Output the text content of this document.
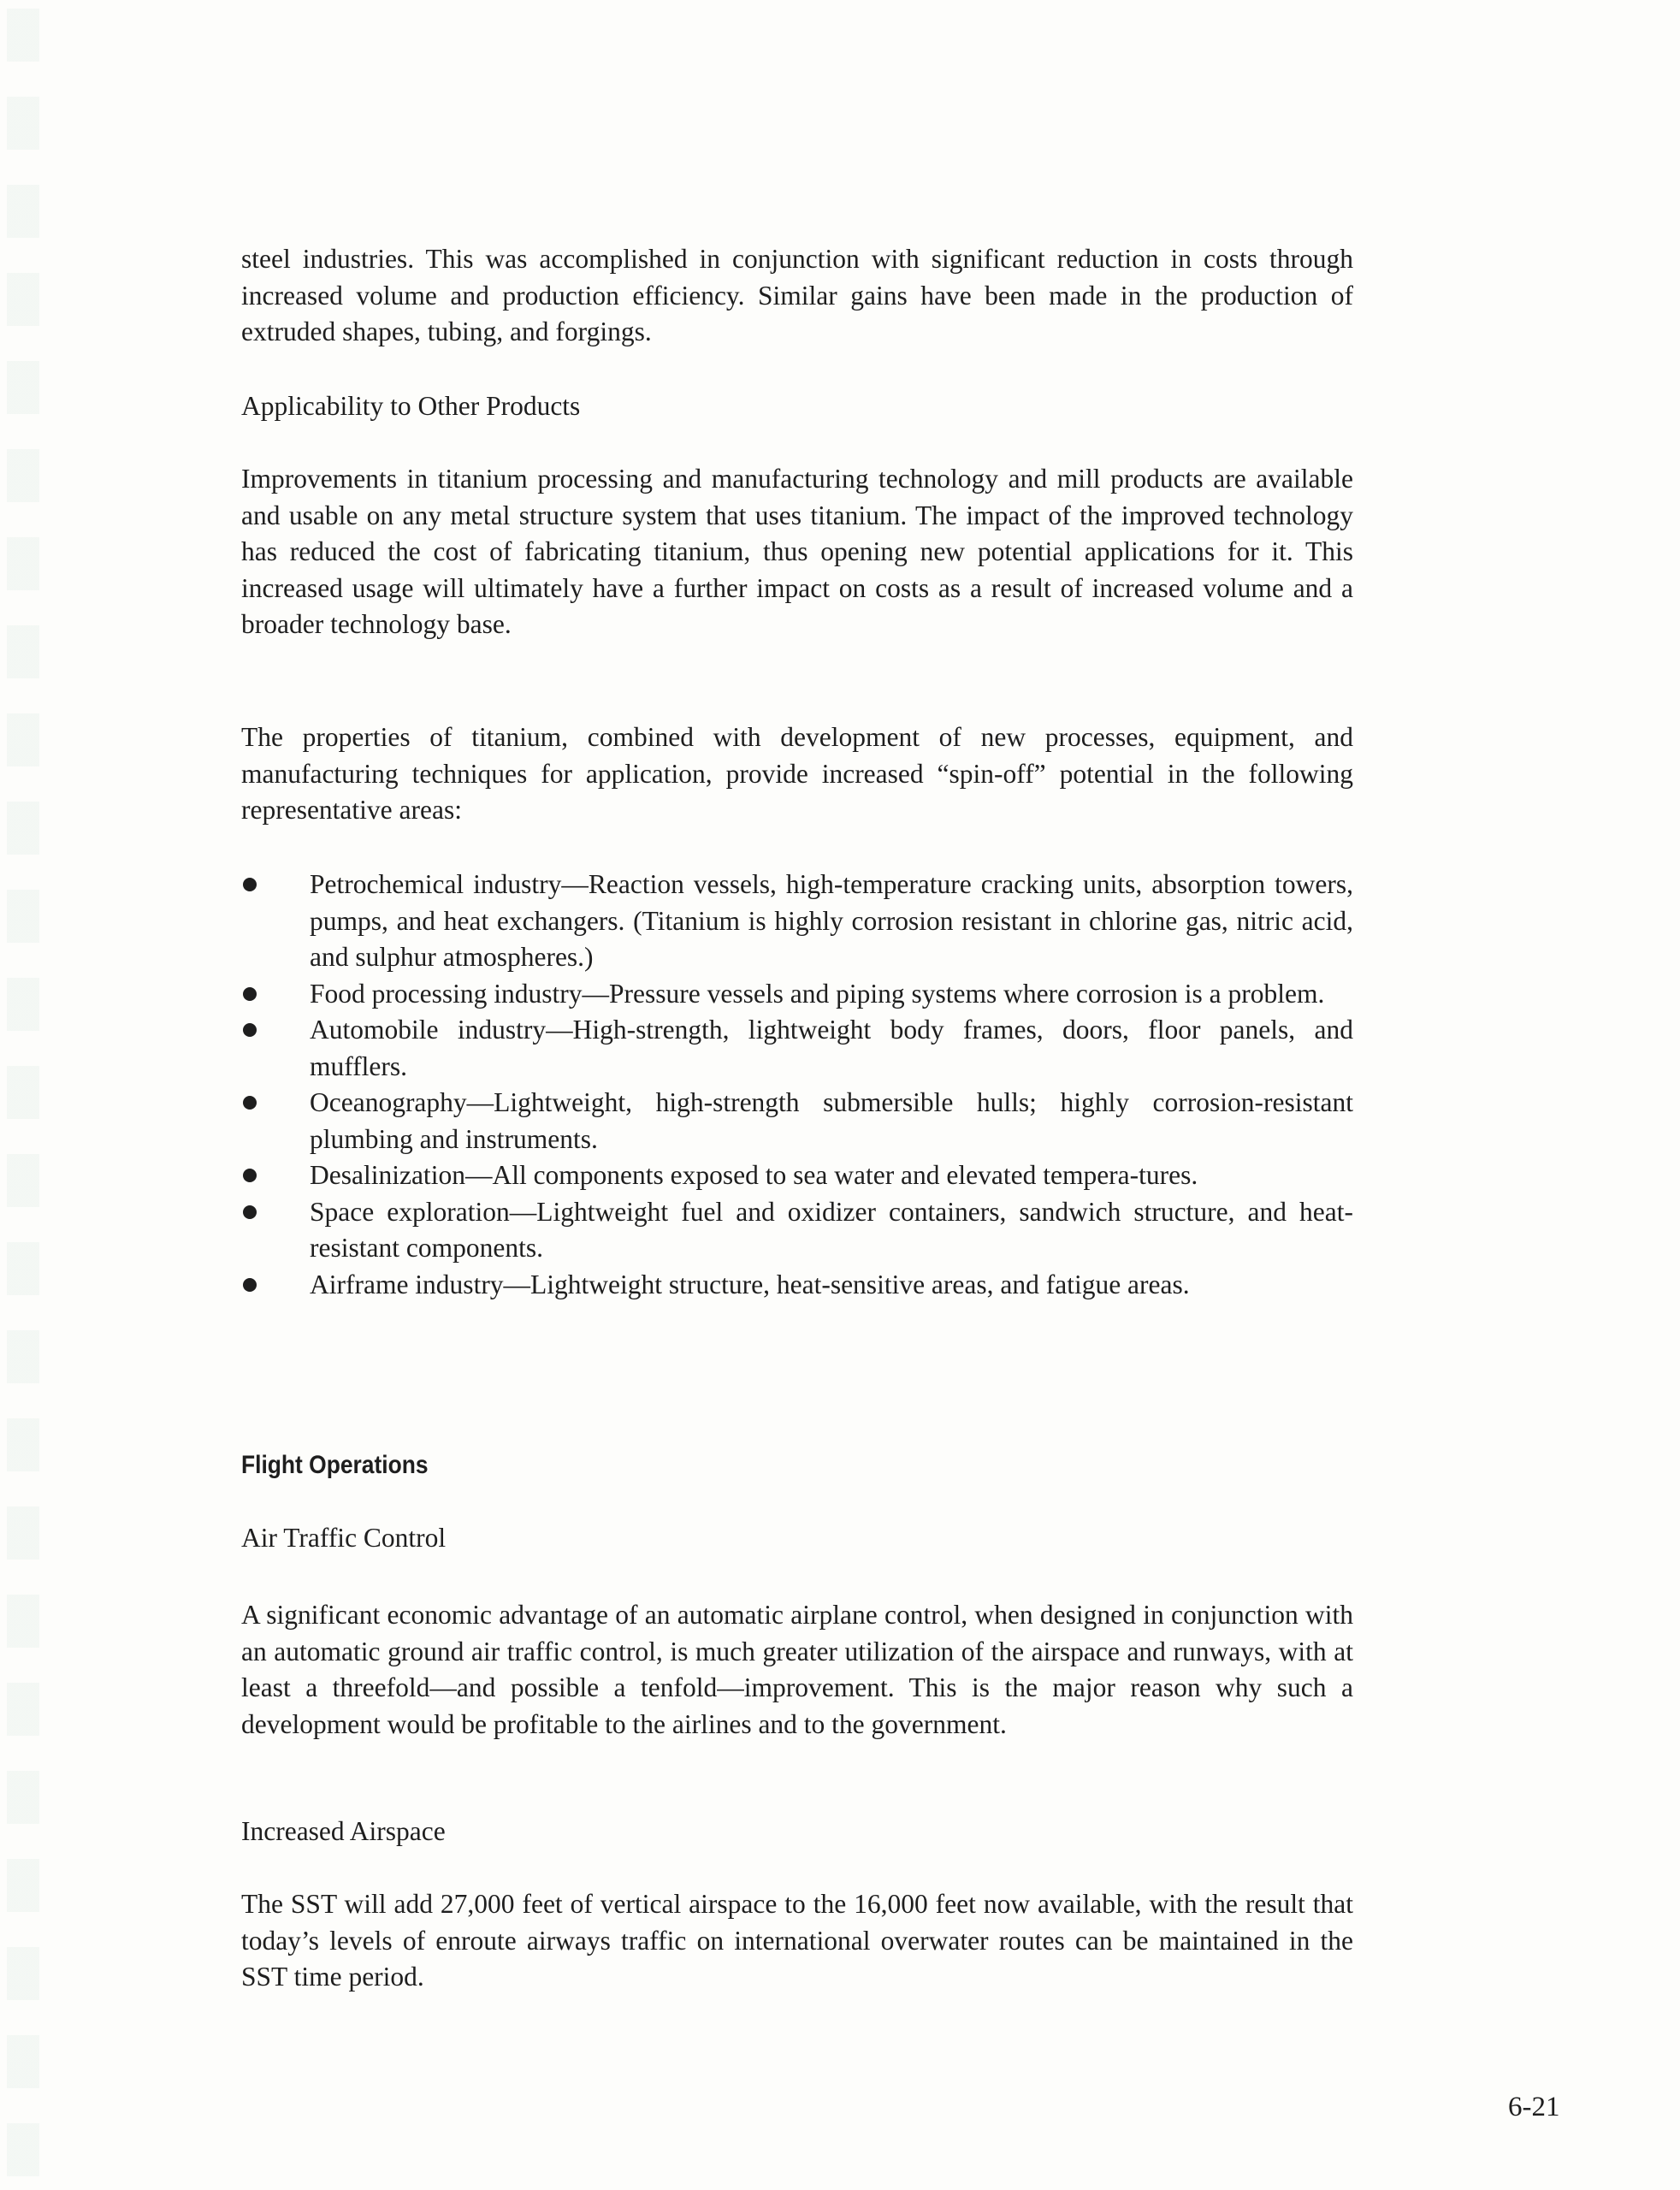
steel industries. This was accomplished in conjunction with significant reduction in costs through increased volume and production efficiency. Similar gains have been made in the production of extruded shapes, tubing, and forgings.

Applicability to Other Products

Improvements in titanium processing and manufacturing technology and mill products are available and usable on any metal structure system that uses titanium. The impact of the improved technology has reduced the cost of fabricating titanium, thus opening new potential applications for it. This increased usage will ultimately have a further impact on costs as a result of increased volume and a broader technology base.

The properties of titanium, combined with development of new processes, equipment, and manufacturing techniques for application, provide increased “spin-off” potential in the following representative areas:

Petrochemical industry—Reaction vessels, high-temperature cracking units, absorption towers, pumps, and heat exchangers. (Titanium is highly corrosion resistant in chlorine gas, nitric acid, and sulphur atmospheres.)
Food processing industry—Pressure vessels and piping systems where corrosion is a problem.
Automobile industry—High-strength, lightweight body frames, doors, floor panels, and mufflers.
Oceanography—Lightweight, high-strength submersible hulls; highly corrosion-resistant plumbing and instruments.
Desalinization—All components exposed to sea water and elevated tempera-tures.
Space exploration—Lightweight fuel and oxidizer containers, sandwich structure, and heat-resistant components.
Airframe industry—Lightweight structure, heat-sensitive areas, and fatigue areas.
Flight Operations
Air Traffic Control

A significant economic advantage of an automatic airplane control, when designed in conjunction with an automatic ground air traffic control, is much greater utilization of the airspace and runways, with at least a threefold—and possible a tenfold—improvement. This is the major reason why such a development would be profitable to the airlines and to the government.

Increased Airspace

The SST will add 27,000 feet of vertical airspace to the 16,000 feet now available, with the result that today’s levels of enroute airways traffic on international overwater routes can be maintained in the SST time period.

6-21
